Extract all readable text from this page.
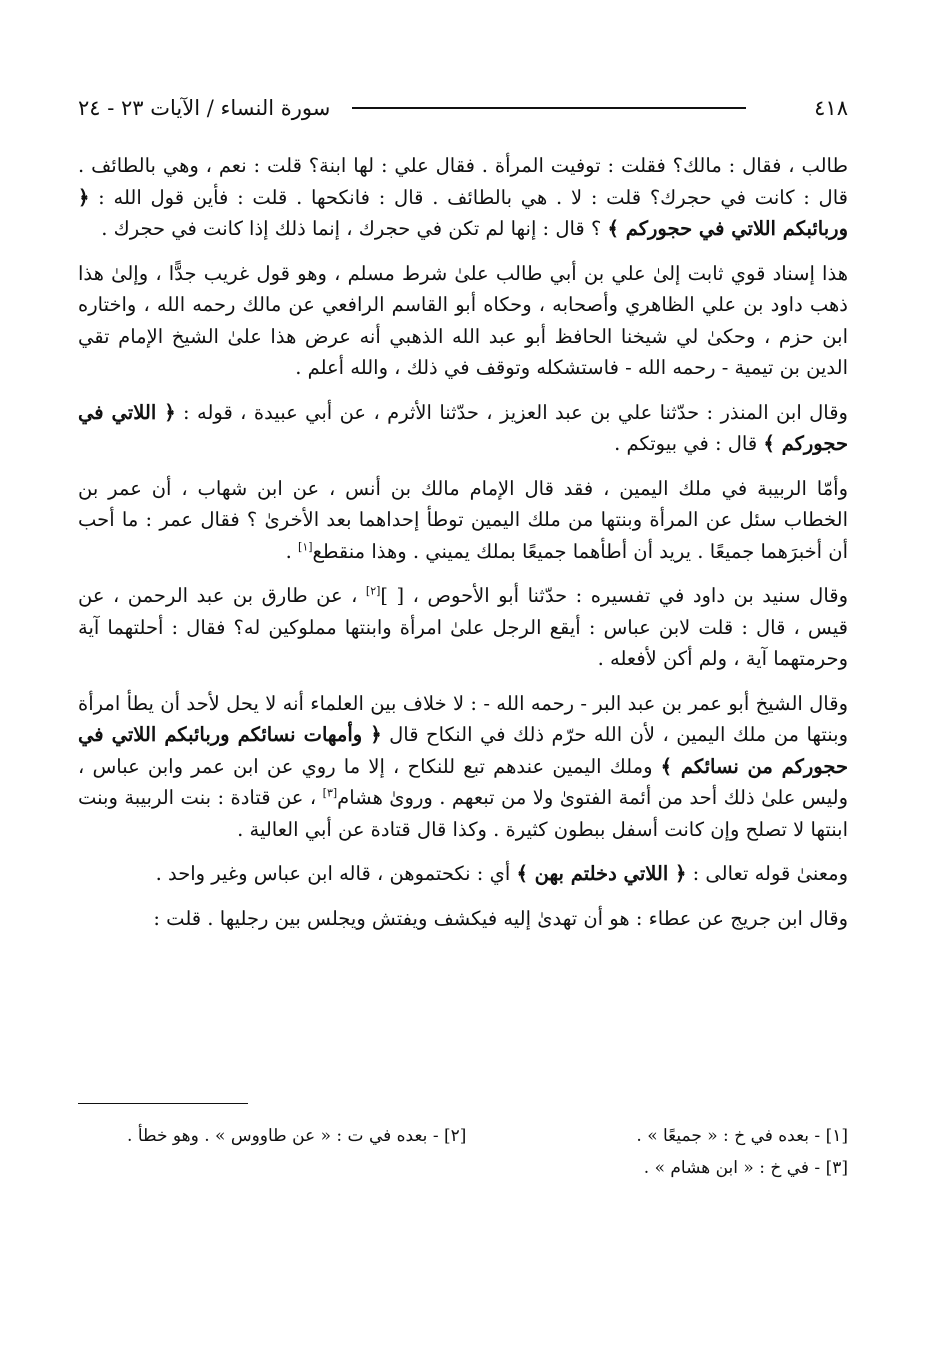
٤١٨
سورة النساء / الآيات ٢٣ - ٢٤

طالب ، فقال : مالك؟ فقلت : توفيت المرأة . فقال علي : لها ابنة؟ قلت : نعم ، وهي بالطائف . قال : كانت في حجرك؟ قلت : لا . هي بالطائف . قال : فانكحها . قلت : فأين قول الله : ﴿ وربائبكم اللاتي في حجوركم ﴾ ؟ قال : إنها لم تكن في حجرك ، إنما ذلك إذا كانت في حجرك .

هذا إسناد قوي ثابت إلىٰ علي بن أبي طالب علىٰ شرط مسلم ، وهو قول غريب جدًّا ، وإلىٰ هذا ذهب داود بن علي الظاهري وأصحابه ، وحكاه أبو القاسم الرافعي عن مالك رحمه الله ، واختاره ابن حزم ، وحكىٰ لي شيخنا الحافظ أبو عبد الله الذهبي أنه عرض هذا علىٰ الشيخ الإمام تقي الدين بن تيمية - رحمه الله - فاستشكله وتوقف في ذلك ، والله أعلم .

وقال ابن المنذر : حدّثنا علي بن عبد العزيز ، حدّثنا الأثرم ، عن أبي عبيدة ، قوله : ﴿ اللاتي في حجوركم ﴾ قال : في بيوتكم .

وأمّا الربيبة في ملك اليمين ، فقد قال الإمام مالك بن أنس ، عن ابن شهاب ، أن عمر بن الخطاب سئل عن المرأة وبنتها من ملك اليمين توطأ إحداهما بعد الأخرىٰ ؟ فقال عمر : ما أحب أن أخبرَهما جميعًا . يريد أن أطأهما جميعًا بملك يميني . وهذا منقطع[١] .

وقال سنيد بن داود في تفسيره : حدّثنا أبو الأحوص ، [ ][٢] ، عن طارق بن عبد الرحمن ، عن قيس ، قال : قلت لابن عباس : أيقع الرجل علىٰ امرأة وابنتها مملوكين له؟ فقال : أحلتهما آية وحرمتهما آية ، ولم أكن لأفعله .

وقال الشيخ أبو عمر بن عبد البر - رحمه الله - : لا خلاف بين العلماء أنه لا يحل لأحد أن يطأ امرأة وبنتها من ملك اليمين ، لأن الله حرّم ذلك في النكاح قال ﴿ وأمهات نسائكم وربائبكم اللاتي في حجوركم من نسائكم ﴾ وملك اليمين عندهم تبع للنكاح ، إلا ما روي عن ابن عمر وابن عباس ، وليس علىٰ ذلك أحد من أئمة الفتوىٰ ولا من تبعهم . وروىٰ هشام[٣] ، عن قتادة : بنت الربيبة وبنت ابنتها لا تصلح وإن كانت أسفل ببطون كثيرة . وكذا قال قتادة عن أبي العالية .

ومعنىٰ قوله تعالى : ﴿ اللاتي دخلتم بهن ﴾ أي : نكحتموهن ، قاله ابن عباس وغير واحد .

وقال ابن جريج عن عطاء : هو أن تهدىٰ إليه فيكشف ويفتش ويجلس بين رجليها . قلت :

[١] - بعده في خ : « جميعًا » .
[٢] - بعده في ت : « عن طاووس » . وهو خطأ .
[٣] - في خ : « ابن هشام » .
